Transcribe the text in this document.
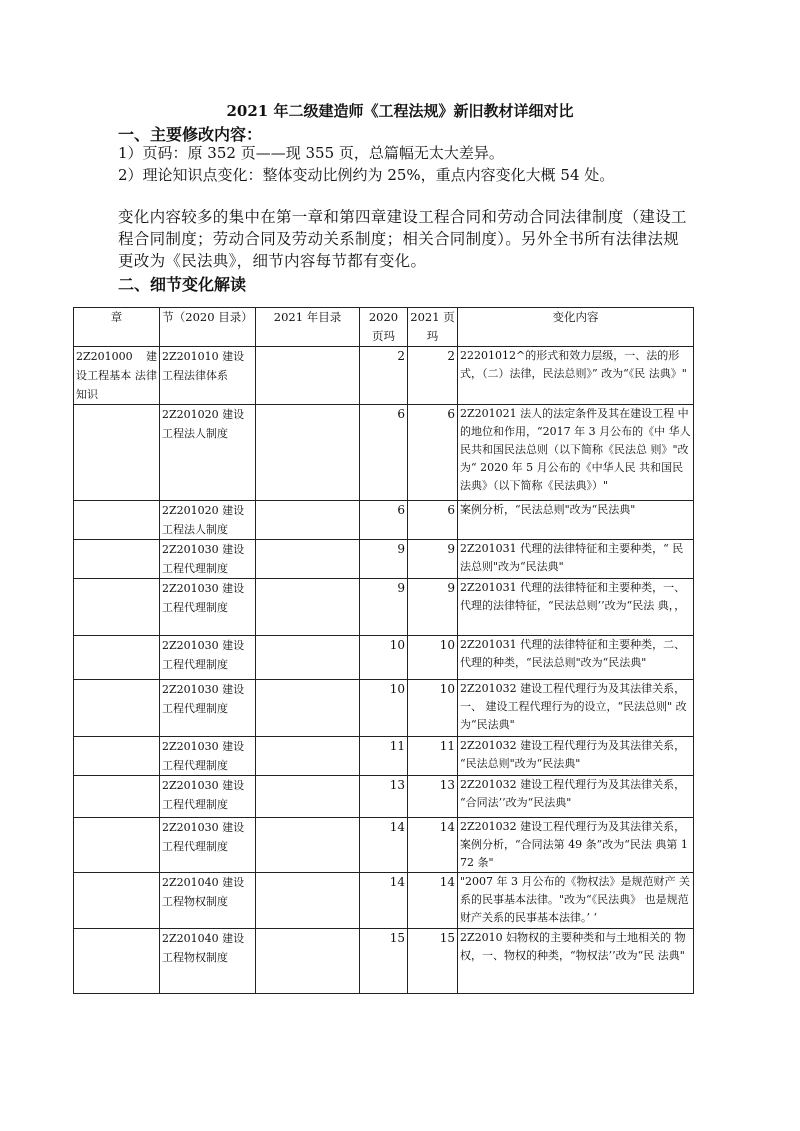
2021 年二级建造师《工程法规》新旧教材详细对比
一、主要修改内容：
1）页码：原 352 页——现 355 页，总篇幅无太大差异。
2）理论知识点变化：整体变动比例约为 25%，重点内容变化大概 54 处。
变化内容较多的集中在第一章和第四章建设工程合同和劳动合同法律制度（建设工程合同制度；劳动合同及劳动关系制度；相关合同制度）。另外全书所有法律法规更改为《民法典》，细节内容每节都有变化。
二、细节变化解读
章	节（2020 目录）	2021 年目录	2020 页玛	2021 页玛	变化内容
2Z201000　建设工程基本 法律知识	2Z201010 建设工程法律体系		2	2	22201012^的形式和效力层级，一、法的形 式，（二）法律，民法总则》” 改为“《民 法典》"
	2Z201020 建设工程法人制度		6	6	2Z201021 法人的法定条件及其在建设工程 中的地位和作用，“2017 年 3 月公布的《中 华人民共和国民法总则（以下简称《民法总 则》"改为“ 2020 年 5 月公布的《中华人民 共和国民法典》（以下简称《民法典》）"
	2Z201020 建设工程法人制度		6	6	案例分析，“民法总则"改为“民法典"
	2Z201030 建设工程代理制度		9	9	2Z201031 代理的法律特征和主要种类，“ 民 法总则"改为“民法典"
	2Z201030 建设工程代理制度		9	9	2Z201031 代理的法律特征和主要种类，一、 代理的法律特征，“民法总则’’改为“民法 典，，
	2Z201030 建设工程代理制度		10	10	2Z201031 代理的法律特征和主要种类，二、 代理的种类，“民法总则"改为“民法典"
	2Z201030 建设工程代理制度		10	10	2Z201032 建设工程代理行为及其法律关系，一、 建设工程代理行为的设立，“民法总则" 改为“民法典"
	2Z201030 建设工程代理制度		11	11	2Z201032 建设工程代理行为及其法律关系， “民法总则"改为“民法典"
	2Z201030 建设工程代理制度		13	13	2Z201032 建设工程代理行为及其法律关系， “合同法’’改为“民法典"
	2Z201030 建设工程代理制度		14	14	2Z201032 建设工程代理行为及其法律关系， 案例分析，“合同法第 49 条”改为“民法 典第 172 条"
	2Z201040 建设工程物权制度		14	14	"2007 年 3 月公布的《物权法》是规范财产 关系的民事基本法律。"改为“《民法典》 也是规范财产关系的民事基本法律。’ ‘
	2Z201040 建设工程物权制度		15	15	2Z2010 妇物权的主要种类和与土地相关的 物权，一、物权的种类，“物权法’’改为“民 法典"
